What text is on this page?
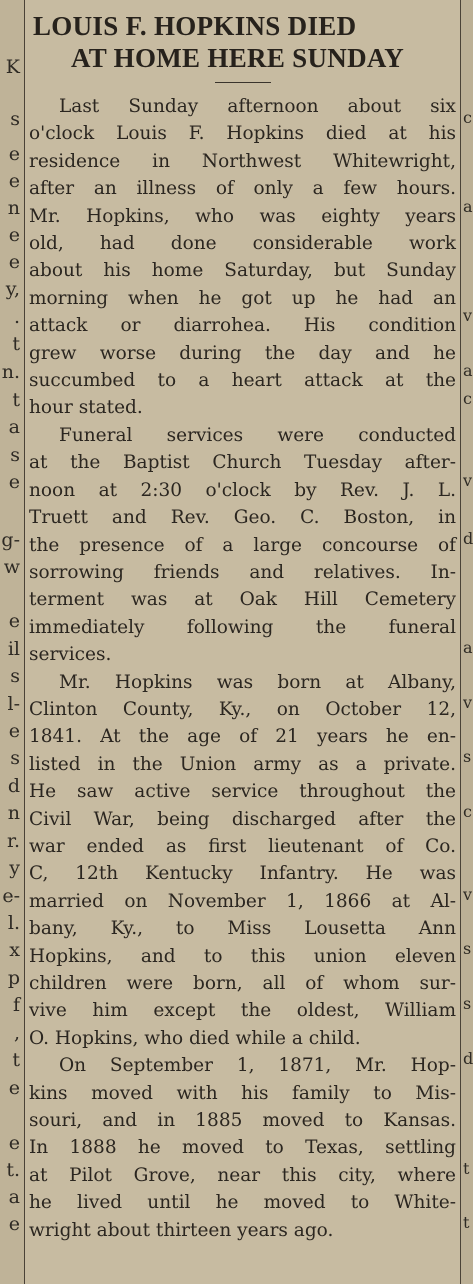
K
s
e
e
n
e
e
y,
.
t
n.
t
a
s
e
g-
w
e
il
s
l-
e
s
d
n
r.
y
e-
l.
x
p
f
,
t
e
e
t.
a
e
c
a
v
a
c
v
d
a
v
s
c
v
s
s
d
t
t
LOUIS F. HOPKINS DIED
AT HOME HERE SUNDAY

Last Sunday afternoon about six
o'clock Louis F. Hopkins died at his
residence in Northwest Whitewright,
after an illness of only a few hours.
Mr. Hopkins, who was eighty years
old, had done considerable work
about his home Saturday, but Sunday
morning when he got up he had an
attack or diarrohea. His condition
grew worse during the day and he
succumbed to a heart attack at the
hour stated.

Funeral services were conducted
at the Baptist Church Tuesday after-
noon at 2:30 o'clock by Rev. J. L.
Truett and Rev. Geo. C. Boston, in
the presence of a large concourse of
sorrowing friends and relatives. In-
terment was at Oak Hill Cemetery
immediately following the funeral
services.

Mr. Hopkins was born at Albany,
Clinton County, Ky., on October 12,
1841. At the age of 21 years he en-
listed in the Union army as a private.
He saw active service throughout the
Civil War, being discharged after the
war ended as first lieutenant of Co.
C, 12th Kentucky Infantry. He was
married on November 1, 1866 at Al-
bany, Ky., to Miss Lousetta Ann
Hopkins, and to this union eleven
children were born, all of whom sur-
vive him except the oldest, William
O. Hopkins, who died while a child.

On September 1, 1871, Mr. Hop-
kins moved with his family to Mis-
souri, and in 1885 moved to Kansas.
In 1888 he moved to Texas, settling
at Pilot Grove, near this city, where
he lived until he moved to White-
wright about thirteen years ago.
